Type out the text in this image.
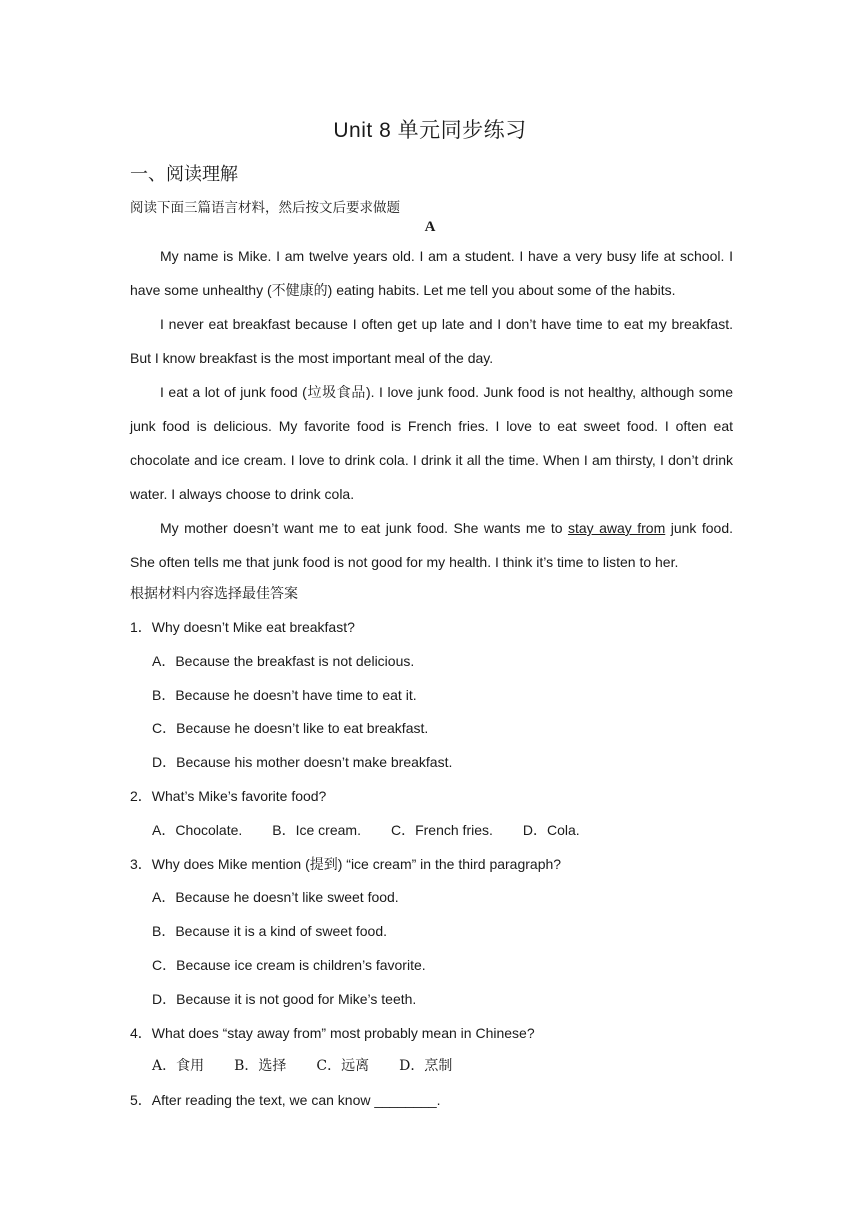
Unit 8 单元同步练习
一、阅读理解
阅读下面三篇语言材料，然后按文后要求做题
A

My name is Mike. I am twelve years old. I am a student. I have a very busy life at school. I have some unhealthy (不健康的) eating habits. Let me tell you about some of the habits.

I never eat breakfast because I often get up late and I don’t have time to eat my breakfast. But I know breakfast is the most important meal of the day.

I eat a lot of junk food (垃圾食品). I love junk food. Junk food is not healthy, although some junk food is delicious. My favorite food is French fries. I love to eat sweet food. I often eat chocolate and ice cream. I love to drink cola. I drink it all the time. When I am thirsty, I don’t drink water. I always choose to drink cola.

My mother doesn’t want me to eat junk food. She wants me to stay away from junk food. She often tells me that junk food is not good for my health. I think it’s time to listen to her.

根据材料内容选择最佳答案

1．Why doesn’t Mike eat breakfast?

A．Because the breakfast is not delicious.

B．Because he doesn’t have time to eat it.

C．Because he doesn’t like to eat breakfast.

D．Because his mother doesn’t make breakfast.

2．What’s Mike’s favorite food?

A．Chocolate. B．Ice cream. C．French fries. D．Cola.

3．Why does Mike mention (提到) “ice cream” in the third paragraph?

A．Because he doesn’t like sweet food.

B．Because it is a kind of sweet food.

C．Because ice cream is children’s favorite.

D．Because it is not good for Mike’s teeth.

4．What does “stay away from” most probably mean in Chinese?

A．食用 B．选择 C．远离 D．烹制

5．After reading the text, we can know ________.
